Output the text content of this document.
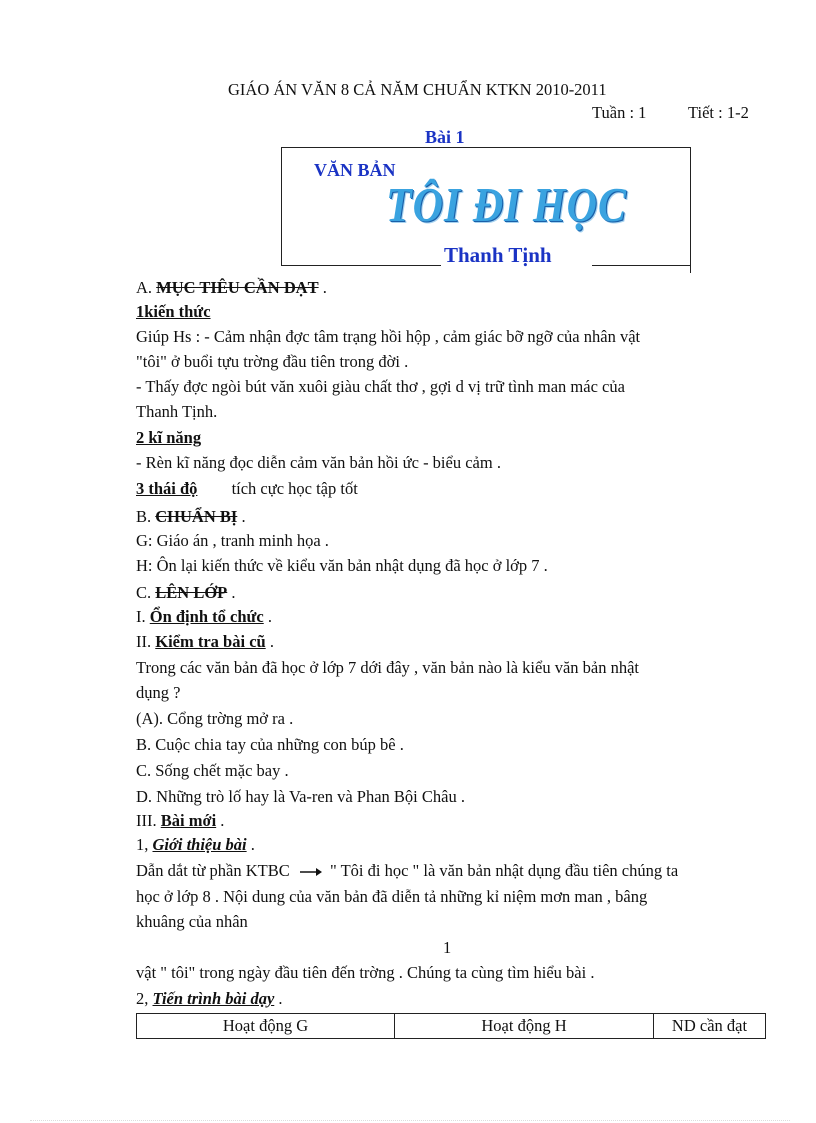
GIÁO ÁN VĂN 8 CẢ NĂM CHUẨN KTKN 2010-2011
Tuần : 1	Tiết : 1-2
Bài 1
VĂN BẢN
TÔI ĐI HỌC
Thanh Tịnh
A. MỤC TIÊU CẦN ĐẠT .
1kiến thức
Giúp Hs : - Cảm nhận đợc tâm trạng hồi hộp , cảm giác bỡ ngỡ của nhân vật
"tôi" ở buổi tựu trờng đầu tiên trong đời .
- Thấy đợc ngòi bút văn xuôi giàu chất thơ , gợi d vị trữ tình man mác của
Thanh Tịnh.
2 kĩ năng
- Rèn kĩ năng đọc diễn cảm văn bản hồi ức - biểu cảm .
3 thái độ tích cực học tập tốt
B. CHUẨN BỊ .
G: Giáo án , tranh minh họa .
H: Ôn lại kiến thức về kiểu văn bản nhật dụng đã học ở lớp 7 .
C. LÊN LỚP .
I. Ổn định tổ chức .
II. Kiểm tra bài cũ .
Trong các văn bản đã học ở lớp 7 dới đây , văn bản nào là kiểu văn bản nhật
dụng ?
(A). Cổng trờng mở ra .
B. Cuộc chia tay của những con búp bê .
C. Sống chết mặc bay .
D. Những trò lố hay là Va-ren và Phan Bội Châu .
III. Bài mới .
1, Giới thiệu bài .
Dẫn dắt từ phần KTBC " Tôi đi học " là văn bản nhật dụng đầu tiên chúng ta
học ở lớp 8 . Nội dung của văn bản đã diễn tả những kỉ niệm mơn man , bâng
khuâng của nhân
1
vật " tôi" trong ngày đầu tiên đến trờng . Chúng ta cùng tìm hiểu bài .
2, Tiến trình bài dạy .
Hoạt động G	Hoạt động H	ND cần đạt
